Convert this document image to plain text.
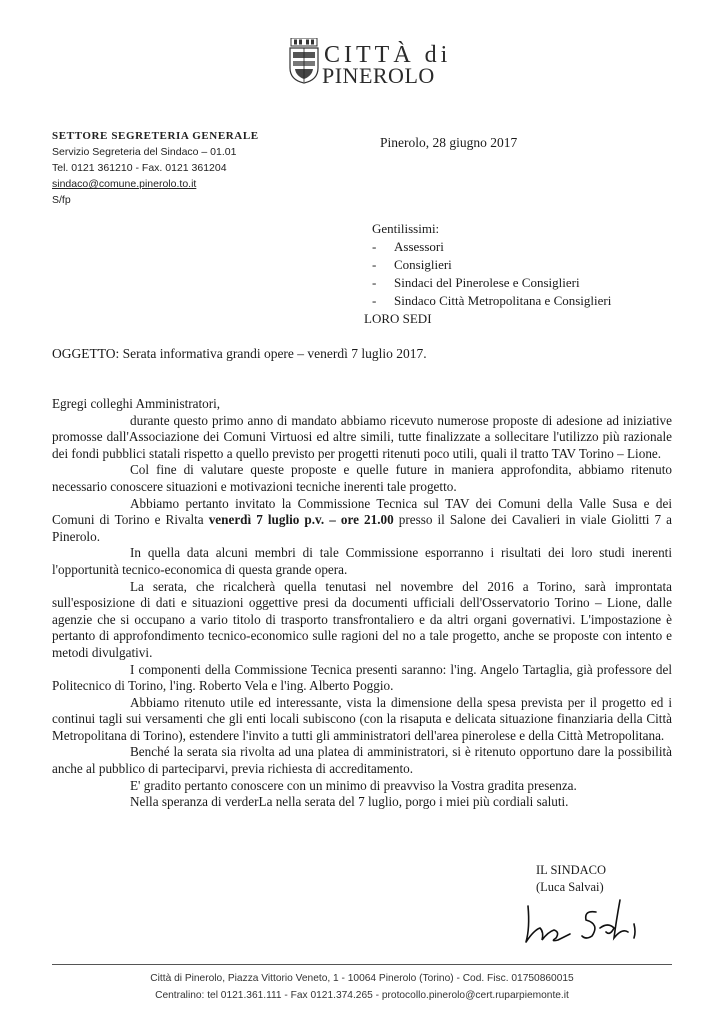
CITTÀ di
PINEROLO
SETTORE SEGRETERIA GENERALE
Servizio Segreteria del Sindaco – 01.01
Tel. 0121 361210 - Fax. 0121 361204
sindaco@comune.pinerolo.to.it
S/fp
Pinerolo, 28 giugno 2017
Gentilissimi:
- Assessori
- Consiglieri
- Sindaci del Pinerolese e Consiglieri
- Sindaco Città Metropolitana e Consiglieri
LORO SEDI
OGGETTO: Serata informativa grandi opere – venerdì 7 luglio 2017.

Egregi colleghi Amministratori,

durante questo primo anno di mandato abbiamo ricevuto numerose proposte di adesione ad iniziative promosse dall'Associazione dei Comuni Virtuosi ed altre simili, tutte finalizzate a sollecitare l'utilizzo più razionale dei fondi pubblici statali rispetto a quello previsto per progetti ritenuti poco utili, quali il tratto TAV Torino – Lione.

Col fine di valutare queste proposte e quelle future in maniera approfondita, abbiamo ritenuto necessario conoscere situazioni e motivazioni tecniche inerenti tale progetto.

Abbiamo pertanto invitato la Commissione Tecnica sul TAV dei Comuni della Valle Susa e dei Comuni di Torino e Rivalta venerdì 7 luglio p.v. – ore 21.00 presso il Salone dei Cavalieri in viale Giolitti 7 a Pinerolo.

In quella data alcuni membri di tale Commissione esporranno i risultati dei loro studi inerenti l'opportunità tecnico-economica di questa grande opera.

La serata, che ricalcherà quella tenutasi nel novembre del 2016 a Torino, sarà improntata sull'esposizione di dati e situazioni oggettive presi da documenti ufficiali dell'Osservatorio Torino – Lione, dalle agenzie che si occupano a vario titolo di trasporto transfrontaliero e da altri organi governativi. L'impostazione è pertanto di approfondimento tecnico-economico sulle ragioni del no a tale progetto, anche se proposte con intento e metodi divulgativi.

I componenti della Commissione Tecnica presenti saranno: l'ing. Angelo Tartaglia, già professore del Politecnico di Torino, l'ing. Roberto Vela e l'ing. Alberto Poggio.

Abbiamo ritenuto utile ed interessante, vista la dimensione della spesa prevista per il progetto ed i continui tagli sui versamenti che gli enti locali subiscono (con la risaputa e delicata situazione finanziaria della Città Metropolitana di Torino), estendere l'invito a tutti gli amministratori dell'area pinerolese e della Città Metropolitana.

Benché la serata sia rivolta ad una platea di amministratori, si è ritenuto opportuno dare la possibilità anche al pubblico di parteciparvi, previa richiesta di accreditamento.

E' gradito pertanto conoscere con un minimo di preavviso la Vostra gradita presenza.

Nella speranza di verderLa nella serata del 7 luglio, porgo i miei più cordiali saluti.

IL SINDACO
(Luca Salvai)
Città di Pinerolo, Piazza Vittorio Veneto, 1 - 10064 Pinerolo (Torino) - Cod. Fisc. 01750860015
Centralino: tel 0121.361.111 - Fax 0121.374.265 - protocollo.pinerolo@cert.ruparpiemonte.it
